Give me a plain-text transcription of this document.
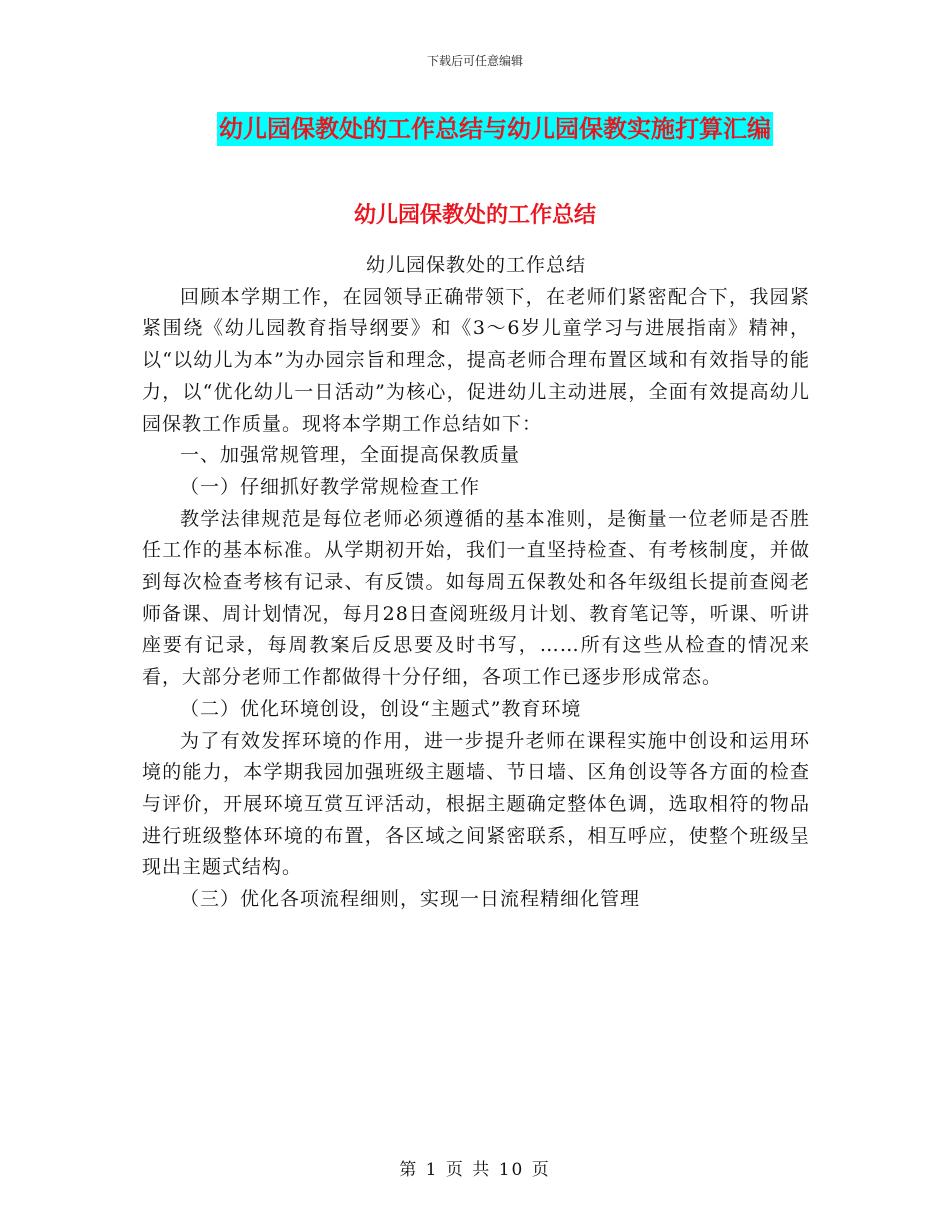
下载后可任意编辑
幼儿园保教处的工作总结与幼儿园保教实施打算汇编
幼儿园保教处的工作总结

幼儿园保教处的工作总结

回顾本学期工作，在园领导正确带领下，在老师们紧密配合下，我园紧紧围绕《幼儿园教育指导纲要》和《3～6岁儿童学习与进展指南》精神，以“以幼儿为本”为办园宗旨和理念，提高老师合理布置区域和有效指导的能力，以“优化幼儿一日活动”为核心，促进幼儿主动进展，全面有效提高幼儿园保教工作质量。现将本学期工作总结如下：

一、加强常规管理，全面提高保教质量

（一）仔细抓好教学常规检查工作

教学法律规范是每位老师必须遵循的基本准则，是衡量一位老师是否胜任工作的基本标准。从学期初开始，我们一直坚持检查、有考核制度，并做到每次检查考核有记录、有反馈。如每周五保教处和各年级组长提前查阅老师备课、周计划情况，每月28日查阅班级月计划、教育笔记等，听课、听讲座要有记录，每周教案后反思要及时书写，……所有这些从检查的情况来看，大部分老师工作都做得十分仔细，各项工作已逐步形成常态。

（二）优化环境创设，创设“主题式”教育环境

为了有效发挥环境的作用，进一步提升老师在课程实施中创设和运用环境的能力，本学期我园加强班级主题墙、节日墙、区角创设等各方面的检查与评价，开展环境互赏互评活动，根据主题确定整体色调，选取相符的物品进行班级整体环境的布置，各区域之间紧密联系，相互呼应，使整个班级呈现出主题式结构。

（三）优化各项流程细则，实现一日流程精细化管理

第 1 页 共 10 页
